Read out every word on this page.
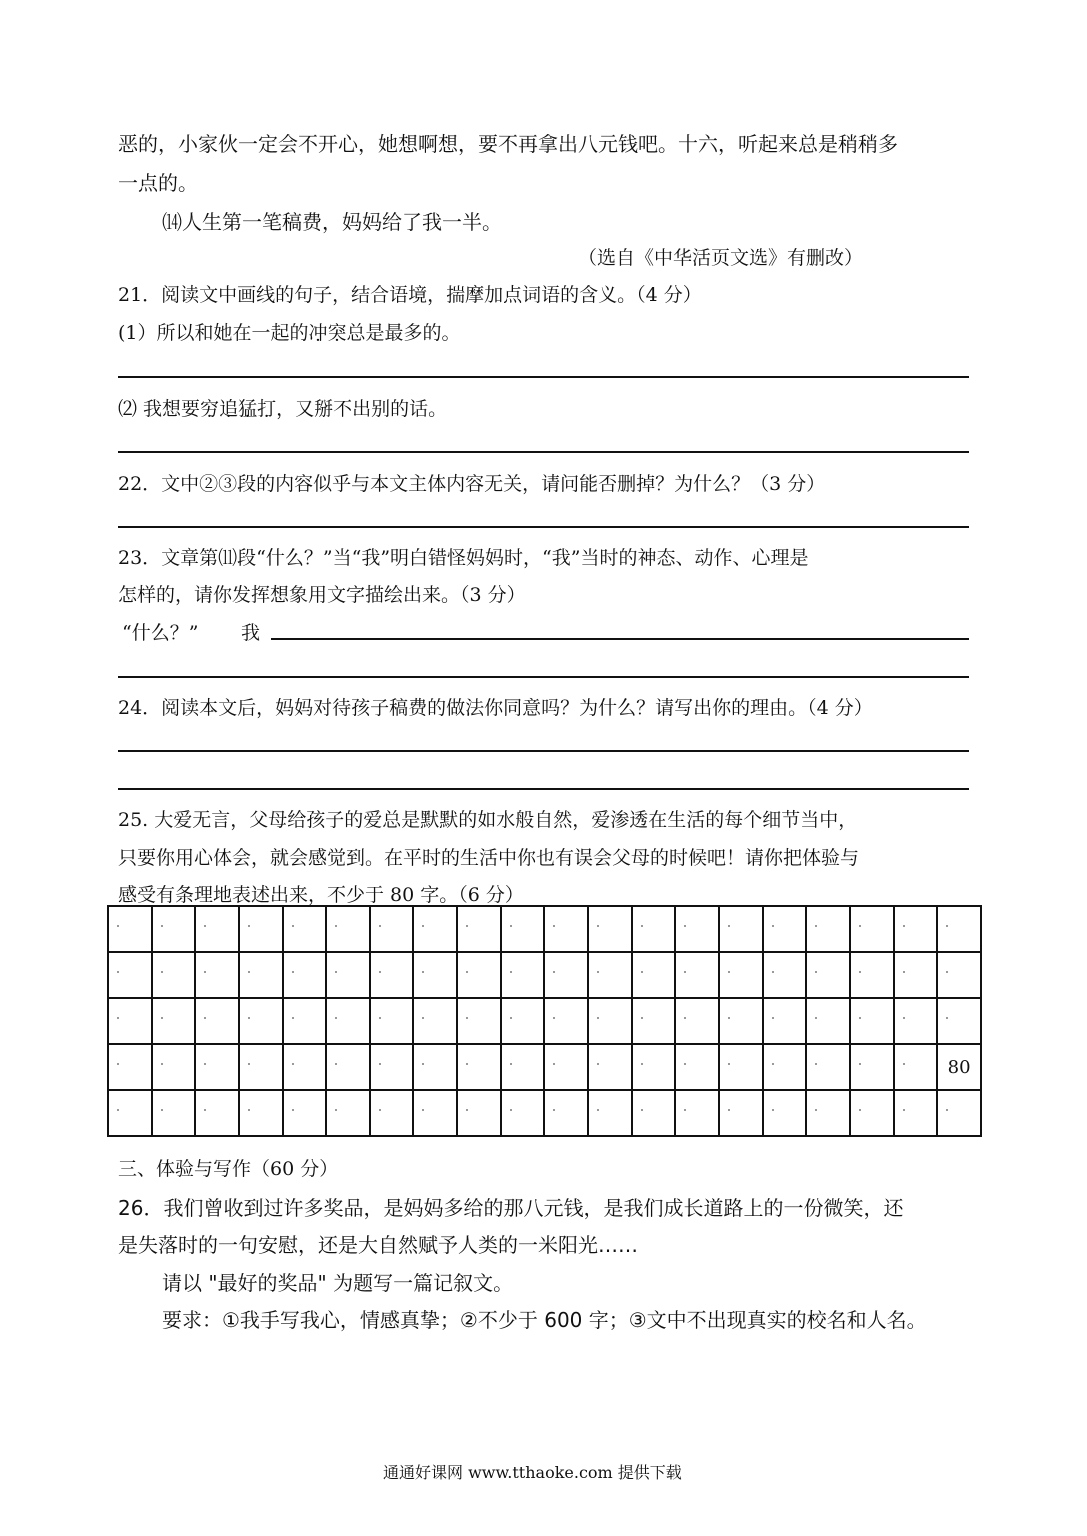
恶的，小家伙一定会不开心，她想啊想，要不再拿出八元钱吧。十六，听起来总是稍稍多
一点的。
⒁人生第一笔稿费，妈妈给了我一半。
（选自《中华活页文选》有删改）
21．阅读文中画线的句子，结合语境，揣摩加点词语的含义。（4 分）
(1）所以和她在一起的冲突总是最多的。
⑵ 我想要穷追猛打，又掰不出别的话。
22．文中②③段的内容似乎与本文主体内容无关，请问能否删掉？为什么？（3 分）
23．文章第⑾段“什么？”当“我”明白错怪妈妈时，“我”当时的神态、动作、心理是
怎样的，请你发挥想象用文字描绘出来。（3 分）
“什么？” 我
24．阅读本文后，妈妈对待孩子稿费的做法你同意吗？为什么？请写出你的理由。（4 分）
25. 大爱无言，父母给孩子的爱总是默默的如水般自然，爱渗透在生活的每个细节当中，
只要你用心体会，就会感觉到。在平时的生活中你也有误会父母的时候吧！请你把体验与
感受有条理地表述出来，不少于 80 字。（6 分）

	80

三、体验与写作（60 分）
26．我们曾收到过许多奖品，是妈妈多给的那八元钱，是我们成长道路上的一份微笑，还
是失落时的一句安慰，还是大自然赋予人类的一米阳光……
请以 "最好的奖品" 为题写一篇记叙文。
要求：①我手写我心，情感真挚；②不少于 600 字；③文中不出现真实的校名和人名。
通通好课网 www.tthaoke.com 提供下载
